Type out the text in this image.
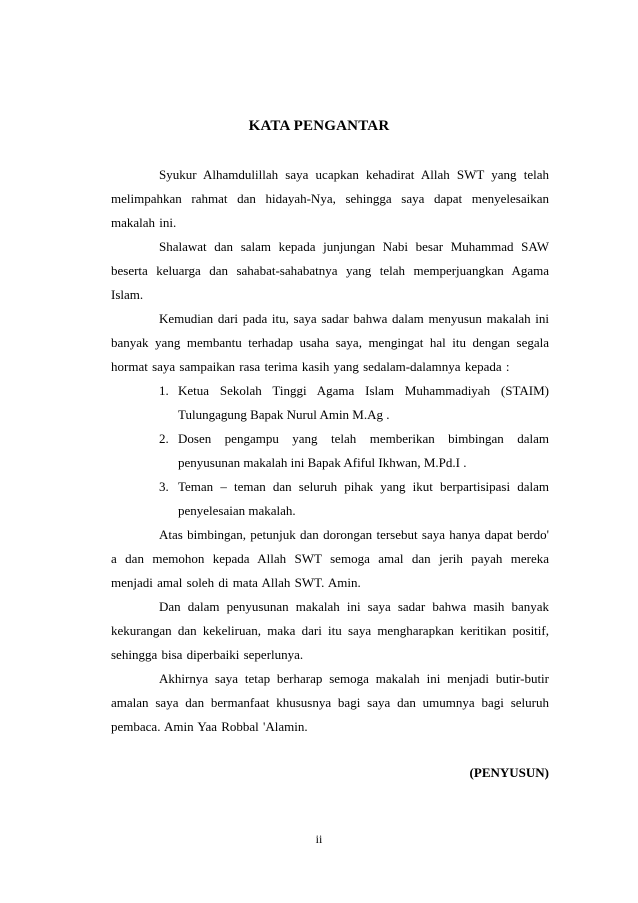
KATA PENGANTAR

Syukur Alhamdulillah saya ucapkan kehadirat Allah SWT yang telah melimpahkan rahmat dan hidayah-Nya, sehingga saya dapat menyelesaikan makalah ini.

Shalawat dan salam kepada junjungan Nabi besar Muhammad SAW beserta keluarga dan sahabat-sahabatnya yang telah memperjuangkan Agama Islam.

Kemudian dari pada itu, saya sadar bahwa dalam menyusun makalah ini banyak yang membantu terhadap usaha saya, mengingat hal itu dengan segala hormat saya sampaikan rasa terima kasih yang sedalam-dalamnya kepada :

1. Ketua Sekolah Tinggi Agama Islam Muhammadiyah (STAIM) Tulungagung Bapak Nurul Amin M.Ag .
2. Dosen pengampu yang telah memberikan bimbingan dalam penyusunan makalah ini Bapak Afiful Ikhwan, M.Pd.I .
3. Teman – teman dan seluruh pihak yang ikut berpartisipasi dalam penyelesaian makalah.

Atas bimbingan, petunjuk dan dorongan tersebut saya hanya dapat berdo' a dan memohon kepada Allah SWT semoga amal dan jerih payah mereka menjadi amal soleh di mata Allah SWT. Amin.

Dan dalam penyusunan makalah ini saya sadar bahwa masih banyak kekurangan dan kekeliruan, maka dari itu saya mengharapkan keritikan positif, sehingga bisa diperbaiki seperlunya.

Akhirnya saya tetap berharap semoga makalah ini menjadi butir-butir amalan saya dan bermanfaat khususnya bagi saya dan umumnya bagi seluruh pembaca. Amin Yaa Robbal 'Alamin.

(PENYUSUN)
ii
